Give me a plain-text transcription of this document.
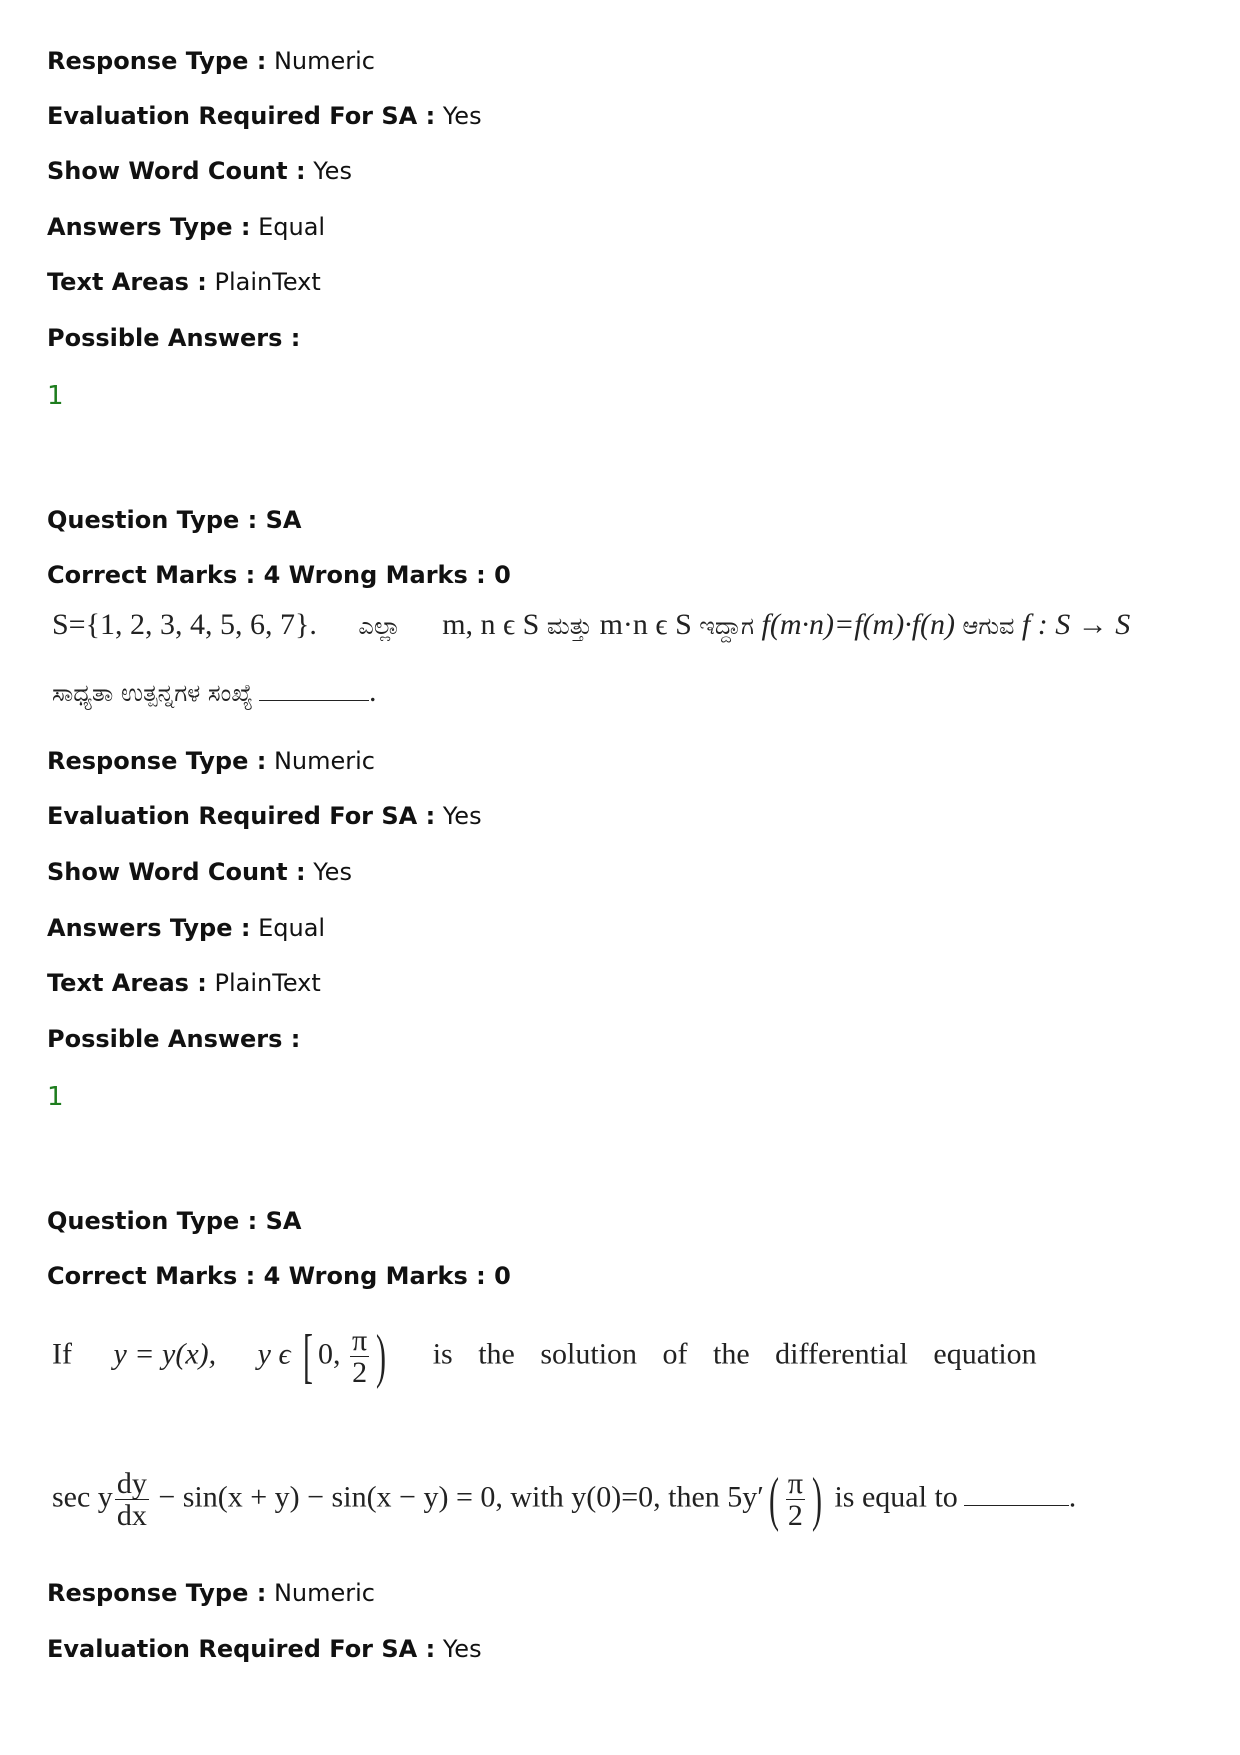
Response Type : Numeric
Evaluation Required For SA : Yes
Show Word Count : Yes
Answers Type : Equal
Text Areas : PlainText
Possible Answers :
1
Question Type : SA
Correct Marks : 4 Wrong Marks : 0
S={1, 2, 3, 4, 5, 6, 7}. ಎಲ್ಲಾ m, n ϵ S ಮತ್ತು m·n ϵ S ಇದ್ದಾಗ f(m·n)=f(m)·f(n) ಆಗುವ f : S → S
ಸಾಧ್ಯತಾ ಉತ್ಪನ್ನಗಳ ಸಂಖ್ಯೆ	.
Response Type : Numeric
Evaluation Required For SA : Yes
Show Word Count : Yes
Answers Type : Equal
Text Areas : PlainText
Possible Answers :
1
Question Type : SA
Correct Marks : 4 Wrong Marks : 0
If y = y(x), y ϵ [ 0, $\frac{\pi}{2}$ ) is the solution of the differential equation
sec y $\frac{dy}{dx} - \sin(x + y) - \sin(x - y) = 0$, with y(0)=0, then $5y'( \frac{\pi}{2}$ ) is equal to	.
Response Type : Numeric
Evaluation Required For SA : Yes
